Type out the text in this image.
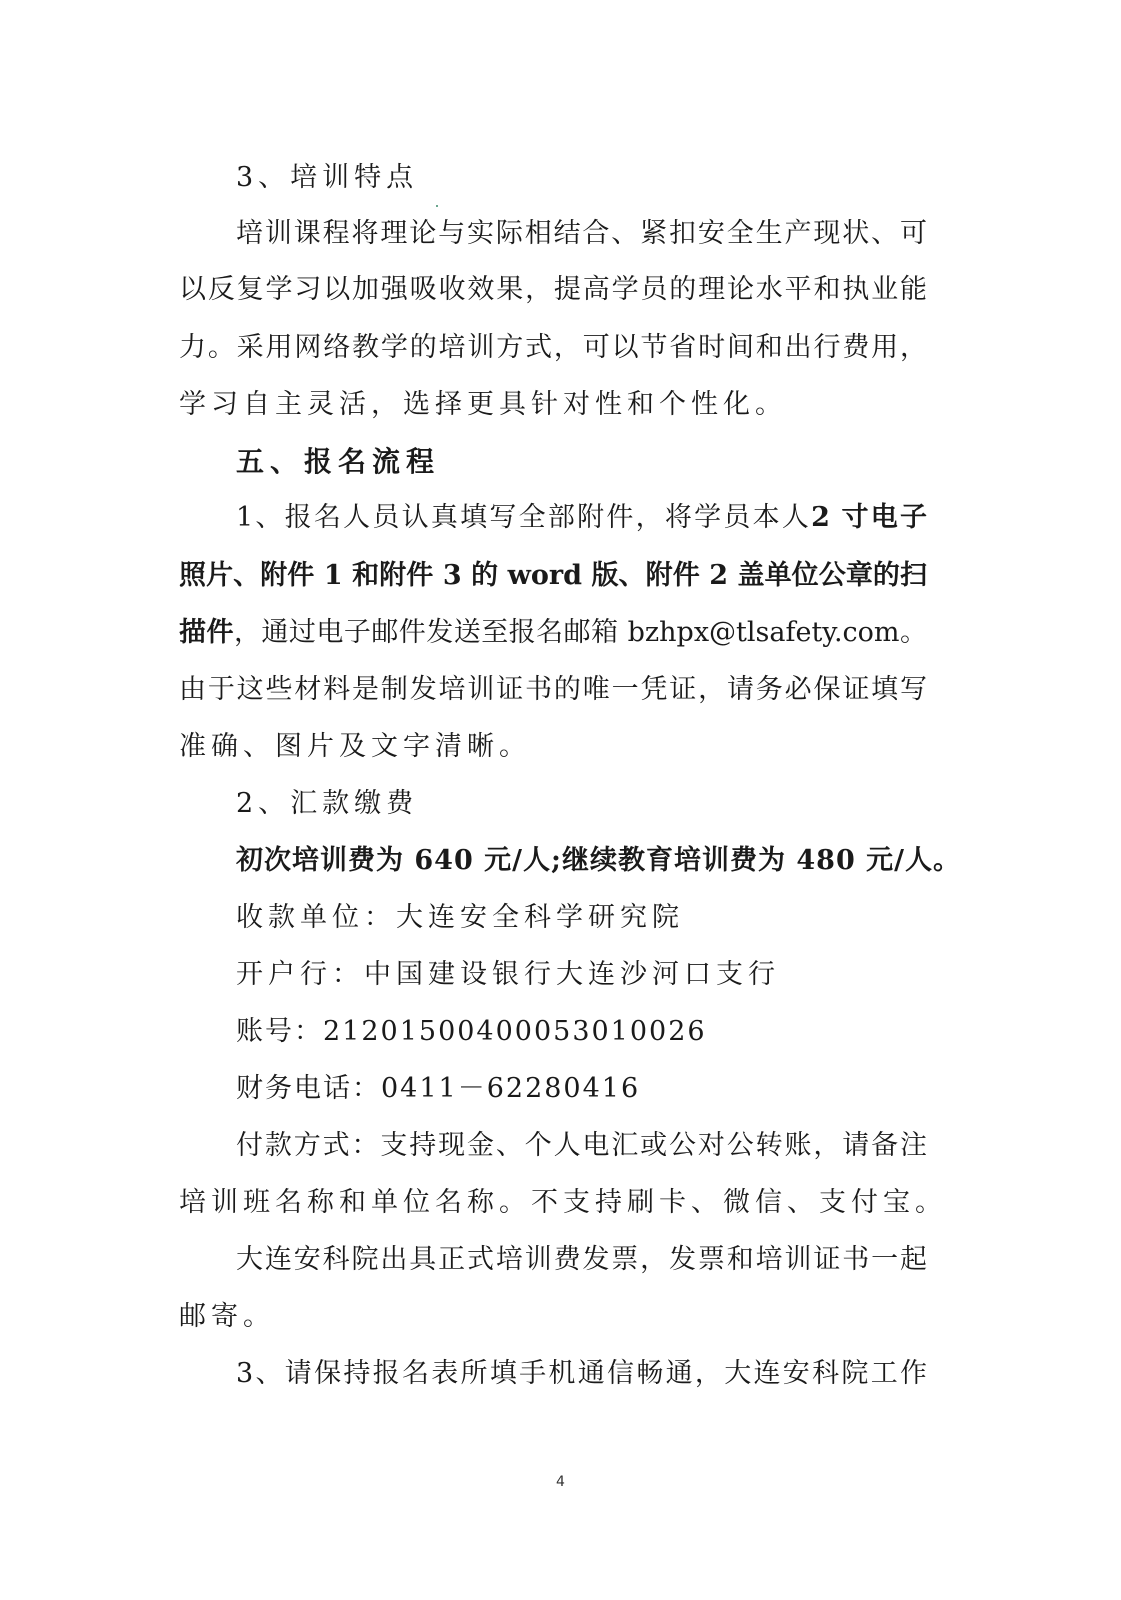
3、培训特点
培训课程将理论与实际相结合、紧扣安全生产现状、可
以反复学习以加强吸收效果，提高学员的理论水平和执业能
力。采用网络教学的培训方式，可以节省时间和出行费用，
学习自主灵活，选择更具针对性和个性化。
五、报名流程
1、报名人员认真填写全部附件，将学员本人2 寸电子
照片、附件 1 和附件 3 的 word 版、附件 2 盖单位公章的扫
描件，通过电子邮件发送至报名邮箱 bzhpx@tlsafety.com。
由于这些材料是制发培训证书的唯一凭证，请务必保证填写
准确、图片及文字清晰。
2、汇款缴费
初次培训费为 640 元/人;继续教育培训费为 480 元/人。
收款单位：大连安全科学研究院
开户行：中国建设银行大连沙河口支行
账号：21201500400053010026
财务电话：0411－62280416
付款方式：支持现金、个人电汇或公对公转账，请备注
培训班名称和单位名称。不支持刷卡、微信、支付宝。
大连安科院出具正式培训费发票，发票和培训证书一起
邮寄。
3、请保持报名表所填手机通信畅通，大连安科院工作
4
